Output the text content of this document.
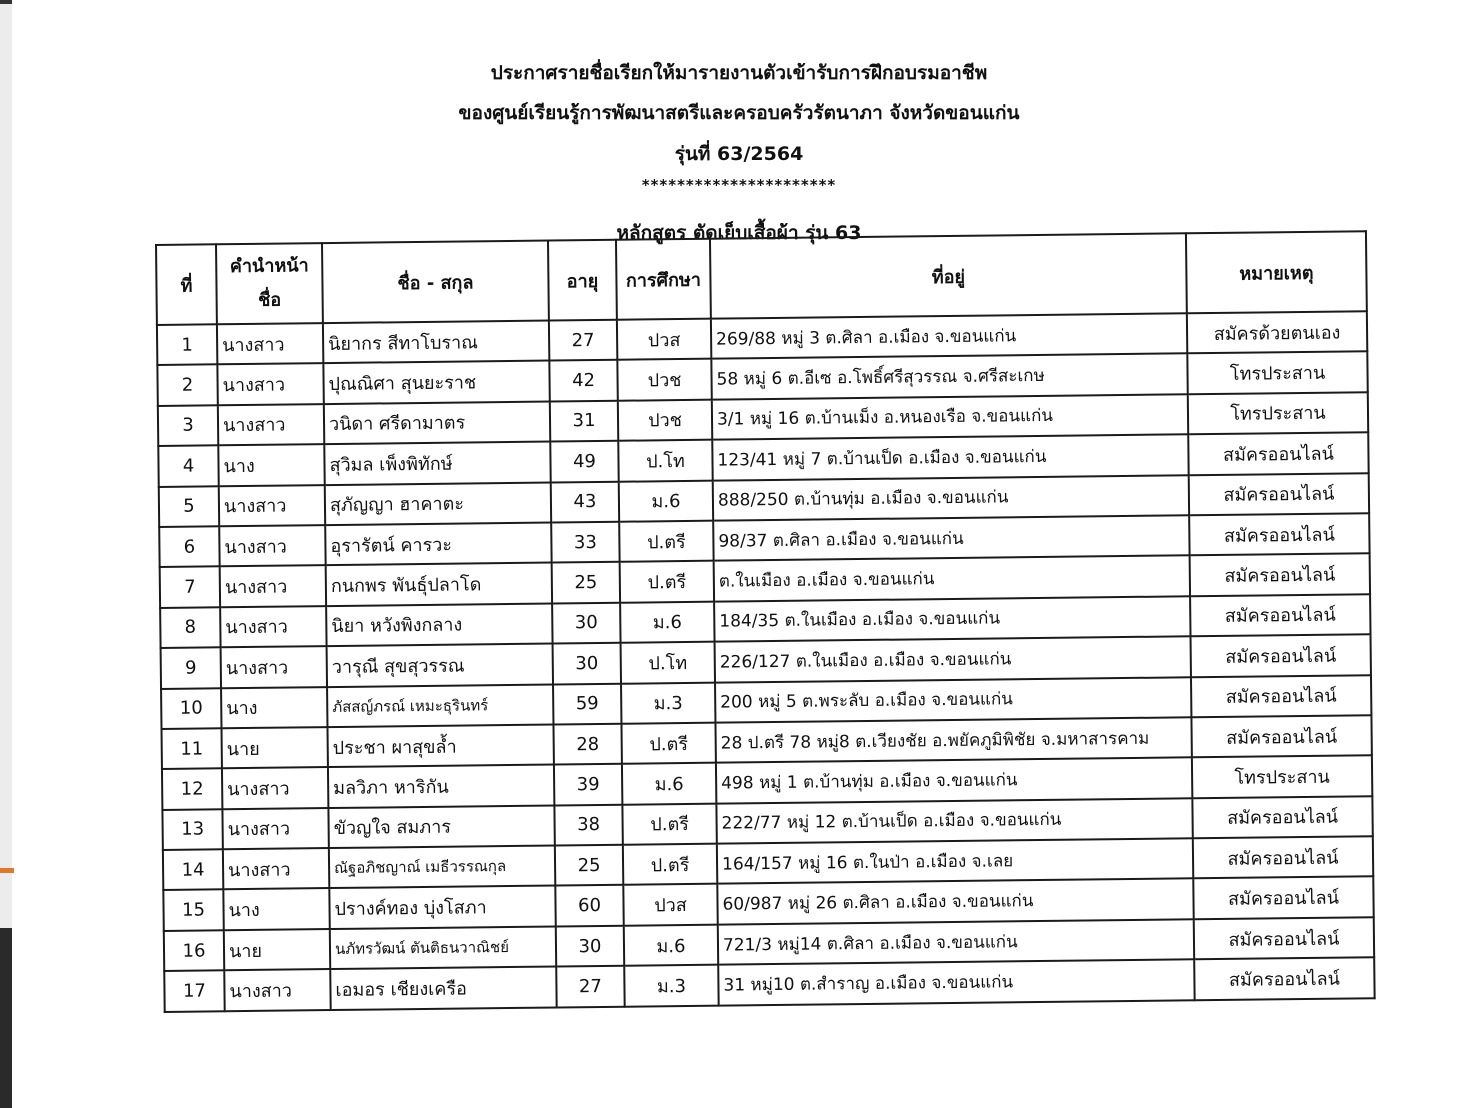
ประกาศรายชื่อเรียกให้มารายงานตัวเข้ารับการฝึกอบรมอาชีพ
ของศูนย์เรียนรู้การพัฒนาสตรีและครอบครัวรัตนาภา จังหวัดขอนแก่น
รุ่นที่ 63/2564
**********************
หลักสูตร ตัดเย็บเสื้อผ้า รุ่น 63
ที่	คำนำหน้า ชื่อ	ชื่อ - สกุล	อายุ	การศึกษา	ที่อยู่	หมายเหตุ
1	นางสาว	นิยากร สีทาโบราณ	27	ปวส	269/88 หมู่ 3 ต.ศิลา อ.เมือง จ.ขอนแก่น	สมัครด้วยตนเอง
2	นางสาว	ปุณณิศา สุนยะราช	42	ปวช	58 หมู่ 6 ต.อีเซ อ.โพธิ์ศรีสุวรรณ จ.ศรีสะเกษ	โทรประสาน
3	นางสาว	วนิดา ศรีดามาตร	31	ปวช	3/1 หมู่ 16 ต.บ้านเม็ง อ.หนองเรือ จ.ขอนแก่น	โทรประสาน
4	นาง	สุวิมล เพ็งพิทักษ์	49	ป.โท	123/41 หมู่ 7 ต.บ้านเป็ด อ.เมือง จ.ขอนแก่น	สมัครออนไลน์
5	นางสาว	สุภัญญา ฮาคาตะ	43	ม.6	888/250 ต.บ้านทุ่ม อ.เมือง จ.ขอนแก่น	สมัครออนไลน์
6	นางสาว	อุรารัตน์ คารวะ	33	ป.ตรี	98/37 ต.ศิลา อ.เมือง จ.ขอนแก่น	สมัครออนไลน์
7	นางสาว	กนกพร พันธุ์ปลาโด	25	ป.ตรี	ต.ในเมือง อ.เมือง จ.ขอนแก่น	สมัครออนไลน์
8	นางสาว	นิยา หวังพิงกลาง	30	ม.6	184/35 ต.ในเมือง อ.เมือง จ.ขอนแก่น	สมัครออนไลน์
9	นางสาว	วารุณี สุขสุวรรณ	30	ป.โท	226/127 ต.ในเมือง อ.เมือง จ.ขอนแก่น	สมัครออนไลน์
10	นาง	ภัสสญ์ภรณ์ เหมะธุรินทร์	59	ม.3	200 หมู่ 5 ต.พระลับ อ.เมือง จ.ขอนแก่น	สมัครออนไลน์
11	นาย	ประชา ผาสุขล้ำ	28	ป.ตรี	28 ป.ตรี 78 หมู่8 ต.เวียงชัย อ.พยัคภูมิพิชัย จ.มหาสารคาม	สมัครออนไลน์
12	นางสาว	มลวิภา หาริกัน	39	ม.6	498 หมู่ 1 ต.บ้านทุ่ม อ.เมือง จ.ขอนแก่น	โทรประสาน
13	นางสาว	ขัวญใจ สมภาร	38	ป.ตรี	222/77 หมู่ 12 ต.บ้านเป็ด อ.เมือง จ.ขอนแก่น	สมัครออนไลน์
14	นางสาว	ณัฐอภิชญาณ์ เมธีวรรณกุล	25	ป.ตรี	164/157 หมู่ 16 ต.ในป่า อ.เมือง จ.เลย	สมัครออนไลน์
15	นาง	ปรางค์ทอง บุ่งโสภา	60	ปวส	60/987 หมู่ 26 ต.ศิลา อ.เมือง จ.ขอนแก่น	สมัครออนไลน์
16	นาย	นภัทรวัฒน์ ตันติธนวาณิชย์	30	ม.6	721/3 หมู่14 ต.ศิลา อ.เมือง จ.ขอนแก่น	สมัครออนไลน์
17	นางสาว	เอมอร เชียงเครือ	27	ม.3	31 หมู่10 ต.สำราญ อ.เมือง จ.ขอนแก่น	สมัครออนไลน์
